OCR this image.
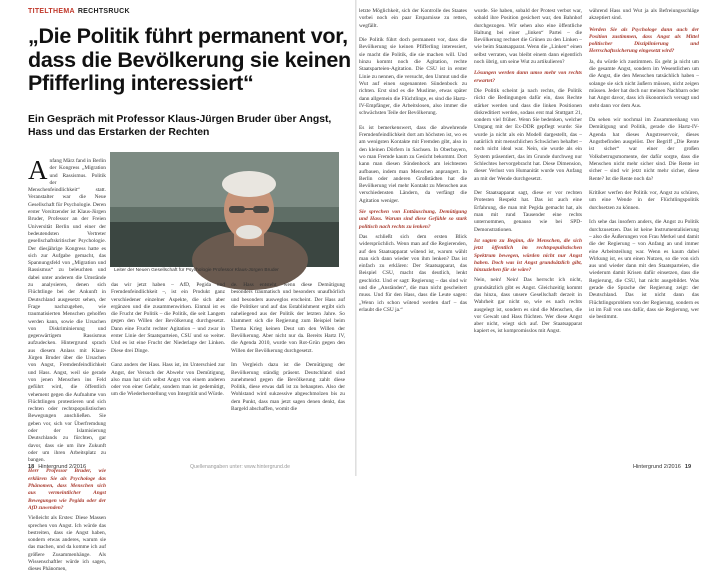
TITELTHEMA RECHTSRUCK
„Die Politik führt permanent vor, dass die Bevölkerung sie keinen Pfifferling interessiert“

Ein Gespräch mit Professor Klaus-Jürgen Bruder über Angst, Hass und das Erstarken der Rechten

Anfang März fand in Berlin der Kongress „Migration und Rassismus. Politik der Menschenfeindlichkeit“ statt. Veranstalter war die Neue Gesellschaft für Psychologie. Deren erster Vorsitzender ist Klaus-Jürgen Bruder, Professor an der Freien Universität Berlin und einer der bedeutendsten Vertreter gesellschaftskritischer Psychologie. Der diesjährige Kongress hatte es sich zur Aufgabe gemacht, das Spannungsfeld von „Migration und Rassismus“ zu beleuchten und dabei unter anderem die Umstände zu analysieren, denen sich Flüchtlinge bei der Ankunft in Deutschland ausgesetzt sehen, der Frage nachzugehen, wie traumatisierten Menschen geholfen werden kann, sowie die Ursachen von Diskriminierung und gegenwärtigem Rassismus aufzudecken. Hintergrund sprach aus diesem Anlass mit Klaus-Jürgen Bruder über die Ursachen von Angst, Fremdenfeindlichkeit und Hass. Angst, weil sie gerade von jenen Menschen ins Feld geführt wird, die öffentlich vehement gegen die Aufnahme von Flüchtlingen protestieren und sich rechten oder rechtspopulistischen Bewegungen anschließen. Sie geben vor, sich vor Überfremdung oder der Islamisierung Deutschlands zu fürchten, gar davor, dass sie um ihre Zukunft oder um ihren Arbeitsplatz zu bangen.

Herr Professor Bruder, wie erklären Sie als Psychologe das Phänomen, dass Menschen sich aus vermeintlicher Angst Bewegungen wie Pegida oder der AfD zuwenden?

Vielleicht als Erstes: Diese Massen sprechen von Angst. Ich würde das bestreiten, dass sie Angst haben, sondern etwas anderes, warum sie das machen, und da komme ich auf größere Zusammenhänge. Als Wissenschaftler würde ich sagen, dieses Phänomen,

Leiter der Neuen Gesellschaft für Psychologie Professor Klaus-Jürgen Bruder

das wir jetzt haben – AfD, Pegida und Fremdenfeindlichkeit –, ist ein Produkt ganz verschiedener einzelner Aspekte, die sich aber ergänzen und die zusammenwirken. Einmal ist es die Frucht der Politik – die Politik, die seit Langem gegen den Willen der Bevölkerung durchgesetzt. Dann eine Frucht rechter Agitation – und zwar in erster Linie der Staatsparteien, CSU und so weiter. Und es ist eine Frucht der Niederlage der Linken. Diese drei Dinge.

Ganz anders der Hass. Hass ist, im Unterschied zur Angst, der Versuch der Abwehr von Demütigung, also man hat sich selbst Angst von einem anderen oder von einer Gefahr, sondern man ist gedemütigt, um die Wiederherstellung von Integrität und Würde.

de. Hass entsteht, wenn diese Demütigung besonders traumatisch und besonders unaufhörlich und besonders ausweglos erscheint. Der Hass auf die Politiker und auf das Establishment ergibt sich naheliegend aus der Politik der letzten Jahre. So klammert sich die Regierung zum Beispiel beim Thema Krieg keinen Deut um den Willen der Bevölkerung. Aber nicht nur da. Bereits Hartz IV, die Agenda 2010, wurde von Rot-Grün gegen den Willen der Bevölkerung durchgesetzt.

Im Vergleich dazu ist die Demütigung der Bevölkerung ständig präsent. Deutschland sind zunehmend gegen die Bevölkerung zahlt diese Politik, diese etwas daß ist zu behaupten. Also der Wohlstand wird sukzessive abgeschmolzen bis zu dem Punkt, dass man jetzt sagen denen denkt, das Bargeld abschaffen, womit die

18 Hintergrund 2/2016	Quellenangaben unter: www.hintergrund.de

letzte Möglichkeit, sich der Kontrolle des Staates vorbei noch ein paar Ersparnisse zu retten, wegfällt.

Die Politik führt doch permanent vor, dass die Bevölkerung sie keinen Pfifferling interessiert, sie macht die Politik, die sie machen will. Und hinzu kommt noch die Agitation, rechte Staatsparteien-Agitation. Die CSU ist in erster Linie zu nennen, die versucht, den Unmut und die Wut auf einen sogenannten Sündenbock zu richten. Erst sind es die Muslime, etwas später dann allgemein die Flüchtlinge, es sind die Hartz-IV-Empfänger, die Arbeitslosen, also immer die schwächsten Teile der Bevölkerung.

Es ist bemerkenswert, dass die abwehrende Fremdenfeindlichkeit dort am höchsten ist, wo es am wenigsten Kontakte mit Fremden gibt, also in den kleinen Dörfern in Sachsen. In Oberbayern, wo man Fremde kaum zu Gesicht bekommt. Dort kann man diesen Sündenbock am leichtesten aufbauen, indem man Menschen anprangert. In Berlin oder anderen Großstädten hat die Bevölkerung viel mehr Kontakt zu Menschen aus verschiedensten Ländern, da verfängt die Agitation weniger.

Sie sprechen von Enttäuschung, Demütigung und Hass. Warum sind diese Gefühle so stark politisch nach rechts zu lenken?

Das schließt sich dem ersten Blick widersprüchlich. Wenn man auf die Regierenden, auf den Staatsapparat wütend ist, warum wählt man sich dann wieder von ihm lenken? Das ist einfach zu erklären: Der Staatsapparat, das Beispiel CSU, macht das deutlich, lenkt geschickt. Und er sagt: Regierung – das sind wir und die „Anständen“, die man nicht gescheitert muss. Und für den Hass, dass die Leute sagen: „Wenn ich schon wütend werden darf – das erlaubt die CSU ja.“

wurde. Sie haben, sobald der Protest verbot war, sobald ihre Position gesichert war, den Bahnhof durchgezogen. Wir sehen also eine öffentliche Haltung bei einer „linken“ Partei – die Bevölkerung rechnet die Grünen zu den Linken – wie beim Staatsapparat. Wenn die „Linken“ einen selbst verraten, was bleibt einem dann eigentlich noch übrig, um seine Wut zu artikulieren?

Lösungen werden dann umso mehr von rechts erwartet?

Die Politik scheint ja nach rechts, die Politik rückt die Bedingungen dafür ein, dass Rechte stärker werden und dass die linken Positionen diskreditiert werden, sodass erst mal Stuttgart 21, sondern viel früher. Wenn Sie bedenken, welcher Umgang mit der Ex-DDR gepflegt wurde: Sie wurde ja nicht als ein Modell dargestellt, das – natürlich mit menschlichen Schwächen behaftet – noch nicht ideal war. Nein, sie wurde als ein System präsentiert, das im Grunde durchweg nur Schlechtes hervorgebracht hat. Diese Dimension, dieser Verlust von Humanität wurde von Anfang an mit der Wende durchgesetzt.

Der Staatsapparat sagt, diese er vor rechten Protesten Respekt hat. Das ist auch eine Erfahrung, die man mit Pegida gemacht hat, als man mit rund Tausender eine rechts unternommen, genauso wie bei SPD-Demonstrationen.

Ist sagten zu Beginn, die Menschen, die sich jetzt öffentlich im rechtspopulistischen Spektrum bewegen, würden nicht nur Angst haben. Doch was ist Angst grundsätzlich gibt, hinzuziehen für sie wäre?

Nein, nein! Nein! Das herrscht ich nicht, grundsätzlich gibt es Angst. Gleichzeitig kommt das hinzu, dass unsere Gesellschaft derzeit in Wahrheit gar nicht so, wie es nach rechts ausgelegt ist, sondern es sind die Menschen, die vor Gewalt und Hass flüchten. Wer diese Angst aber nicht, wiegt sich auf. Der Staatsapparat kapiert es, ist kompromisslos mit Angst.

während Hass und Wut ja als Befreiungsschläge akzeptiert sind.

Werden Sie als Psychologe dann auch der Position zustimmen, dass Angst als Mittel politischer Disziplinierung und Herrschaftssicherung eingesetzt wird?

Ja, du würde ich zustimmen. Es geht ja nicht um die gesamte Angst, sondern im Wesentlichen um die Angst, die den Menschen tatsächlich haben – solange sie sich nicht äußern müssen, nicht zeigen müssen. Jeder hat doch nur meinen Nachbarn oder hat Angst davor, dass ich ökonomisch versagt und steht dann vor dem Aus.

Da sehen wir nochmal im Zusammenhang von Demütigung und Politik, gerade die Hartz-IV-Agenda hat dieses Angstreservoir, dieses Angstbefinden ausgelöst. Der Begriff „Die Rente ist sicher“ war einer der großen Volksbetrugsmomente, der dafür sorgte, dass die Menschen nicht mehr sicher sind. Die Rente ist sicher – sind wir jetzt nicht mehr sicher, diese Rente? Ist die Rente noch da?

Kritiker werfen der Politik vor, Angst zu schüren, um eine Wende in der Flüchtlingspolitik durchsetzen zu können.

Ich sehe das insofern anders, die Angst zu Politik durchzusetzen. Das ist keine Instrumentalisierung – also die Äußerungen von Frau Merkel und damit die der Regierung – von Anfang an und immer eine Arbeitsteilung war. Wenn es kaum dabei Wirkung ist, es um einen Nutzen, so die von sich aus und wieder dann mit den Staatsparteien, die wiederum damit Krisen dafür einsetzen, dass die Regierung, die CSU, hat nicht ausgebildet. Was gerade die Sprache der Regierung zeigt: der Deutschland. Das ist nicht dann das Flüchtlingsproblem von der Regierung, sondern es ist im Fall von uns dafür, dass sie Regierung, wer sie bestimmt.

Hintergrund 2/2016 19
